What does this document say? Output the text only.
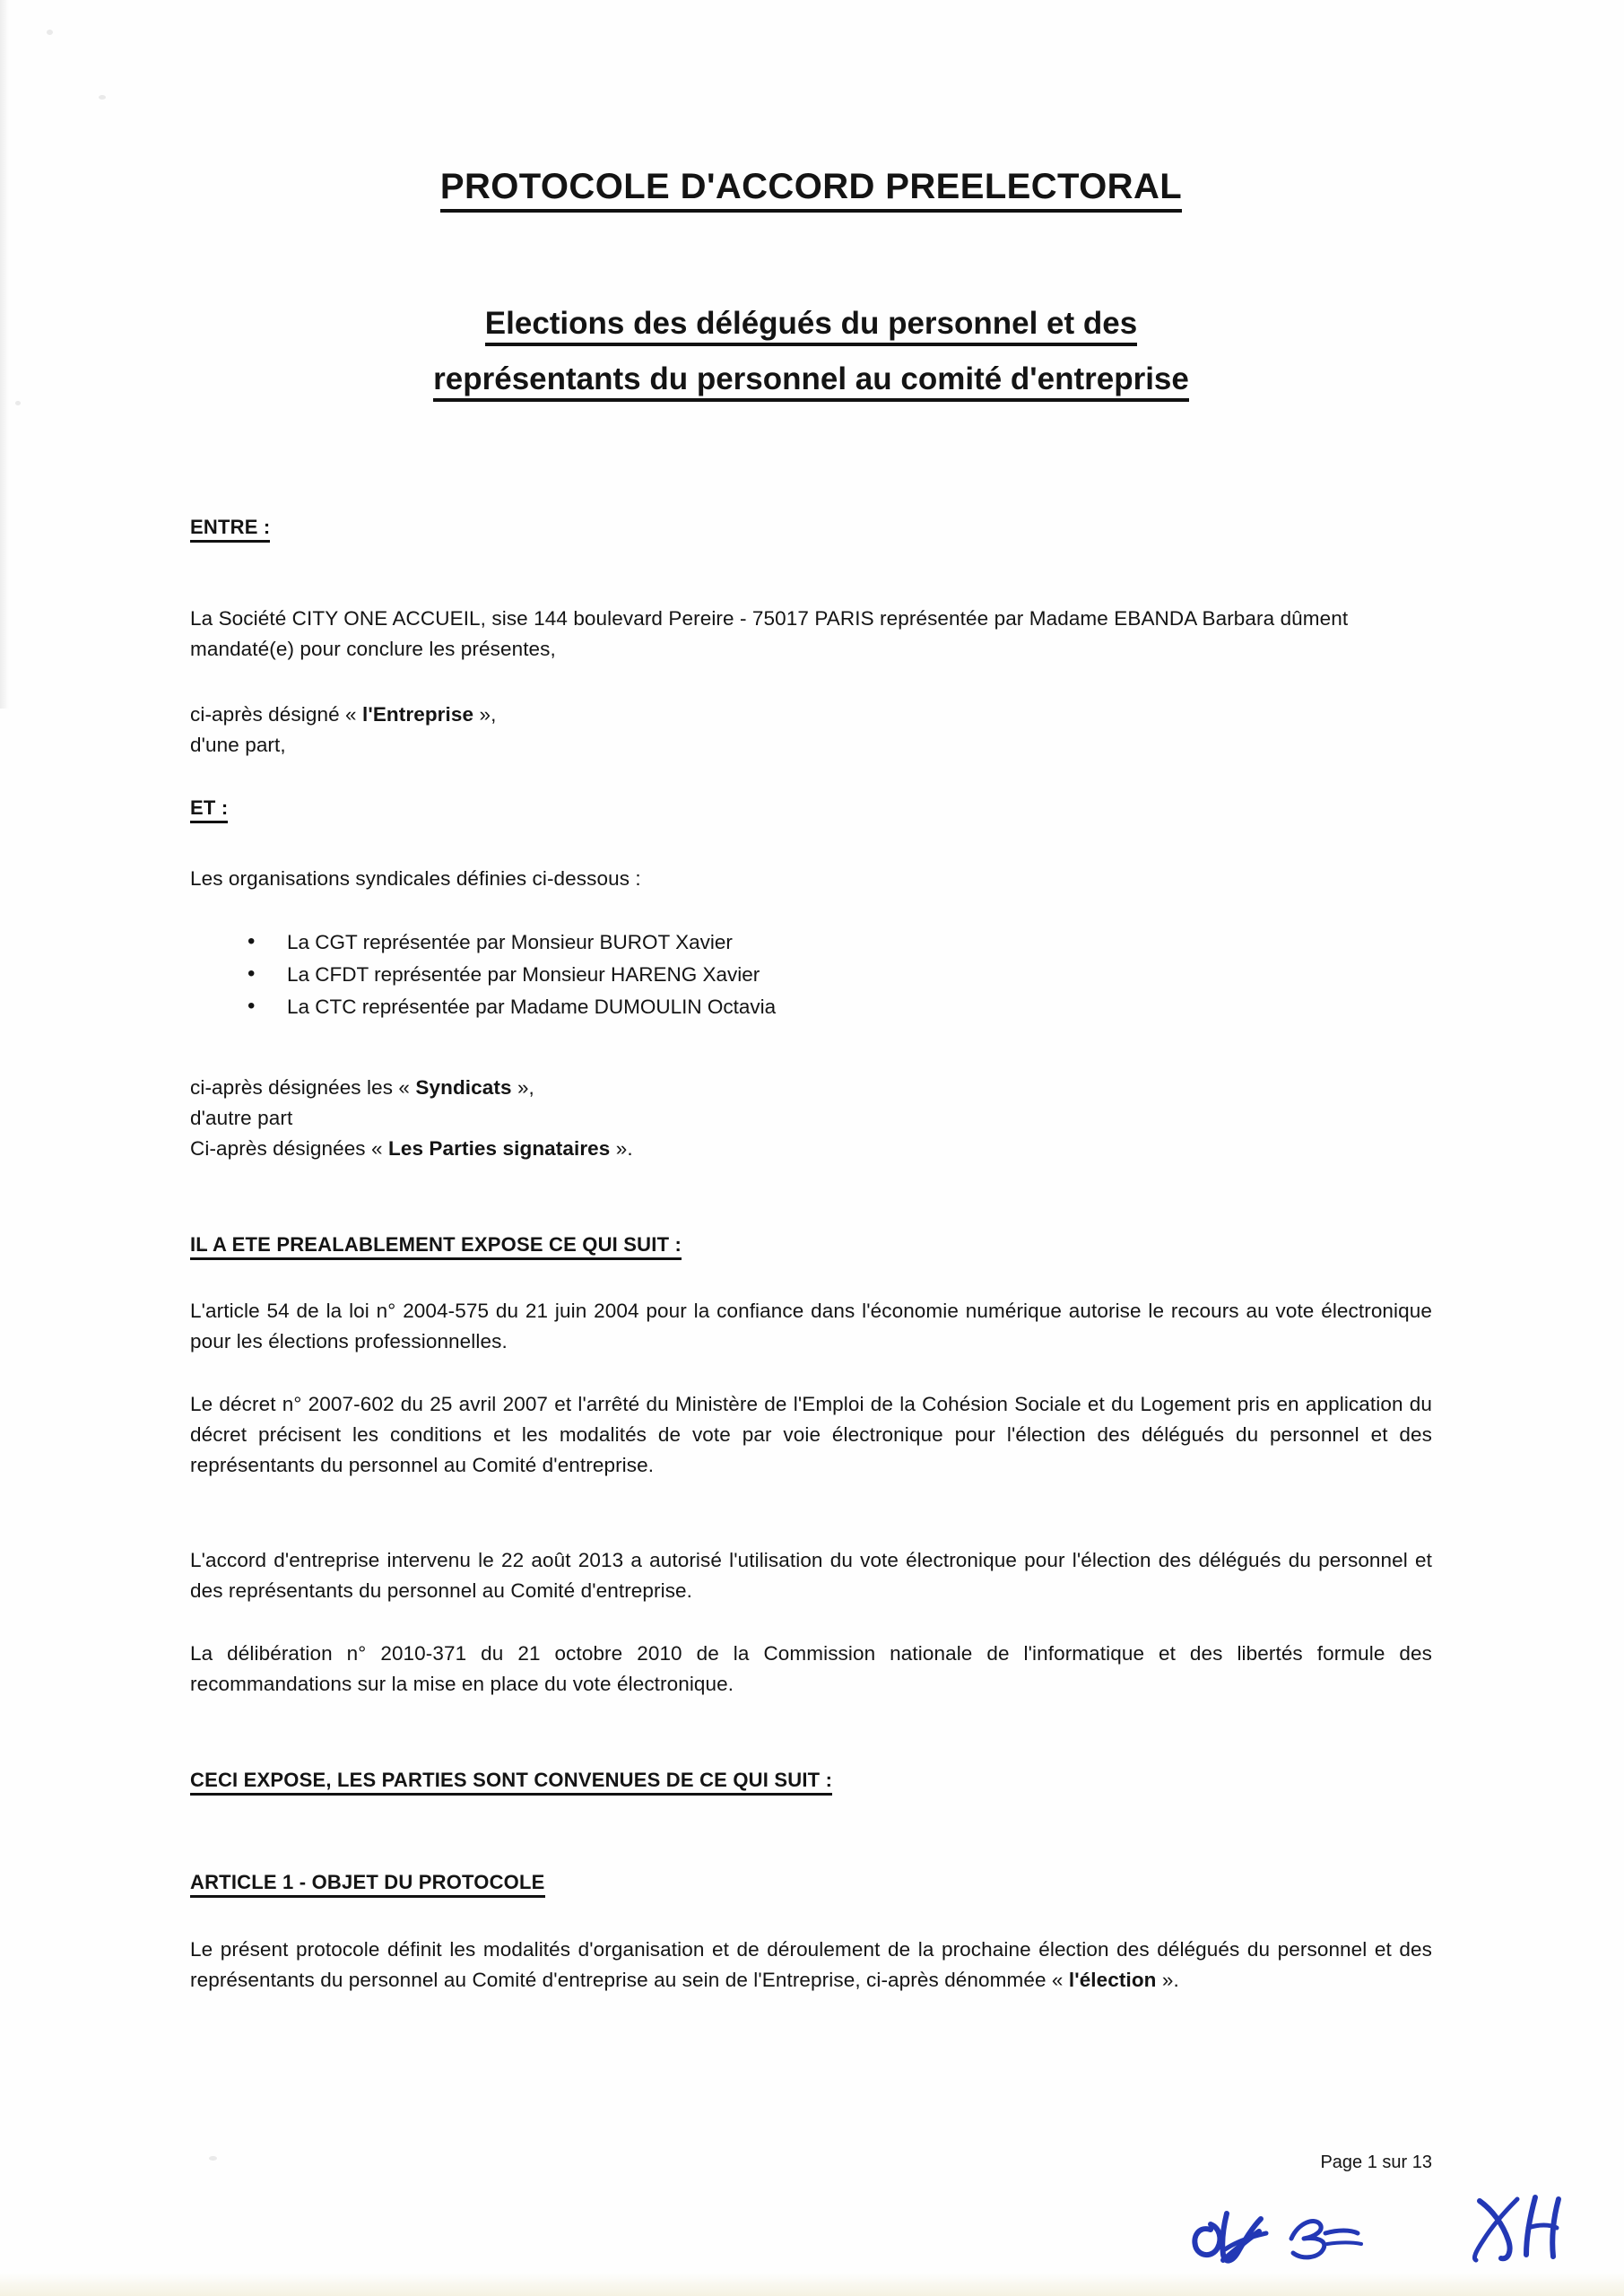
PROTOCOLE D'ACCORD PREELECTORAL
Elections des délégués du personnel et des
représentants du personnel au comité d'entreprise
ENTRE :

La Société CITY ONE ACCUEIL, sise 144 boulevard Pereire - 75017 PARIS représentée par Madame EBANDA Barbara dûment mandaté(e) pour conclure les présentes,

ci-après désigné « l'Entreprise »,

d'une part,

ET :

Les organisations syndicales définies ci-dessous :

• La CGT représentée par Monsieur BUROT Xavier
• La CFDT représentée par Monsieur HARENG Xavier
• La CTC représentée par Madame DUMOULIN Octavia

ci-après désignées les « Syndicats »,

d'autre part

Ci-après désignées « Les Parties signataires ».

IL A ETE PREALABLEMENT EXPOSE CE QUI SUIT :

L'article 54 de la loi n° 2004-575 du 21 juin 2004 pour la confiance dans l'économie numérique autorise le recours au vote électronique pour les élections professionnelles.

Le décret n° 2007-602 du 25 avril 2007 et l'arrêté du Ministère de l'Emploi de la Cohésion Sociale et du Logement pris en application du décret précisent les conditions et les modalités de vote par voie électronique pour l'élection des délégués du personnel et des représentants du personnel au Comité d'entreprise.

L'accord d'entreprise intervenu le 22 août 2013 a autorisé l'utilisation du vote électronique pour l'élection des délégués du personnel et des représentants du personnel au Comité d'entreprise.

La délibération n° 2010-371 du 21 octobre 2010 de la Commission nationale de l'informatique et des libertés formule des recommandations sur la mise en place du vote électronique.

CECI EXPOSE, LES PARTIES SONT CONVENUES DE CE QUI SUIT :
ARTICLE 1 - OBJET DU PROTOCOLE

Le présent protocole définit les modalités d'organisation et de déroulement de la prochaine élection des délégués du personnel et des représentants du personnel au Comité d'entreprise au sein de l'Entreprise, ci-après dénommée « l'élection ».

Page 1 sur 13
